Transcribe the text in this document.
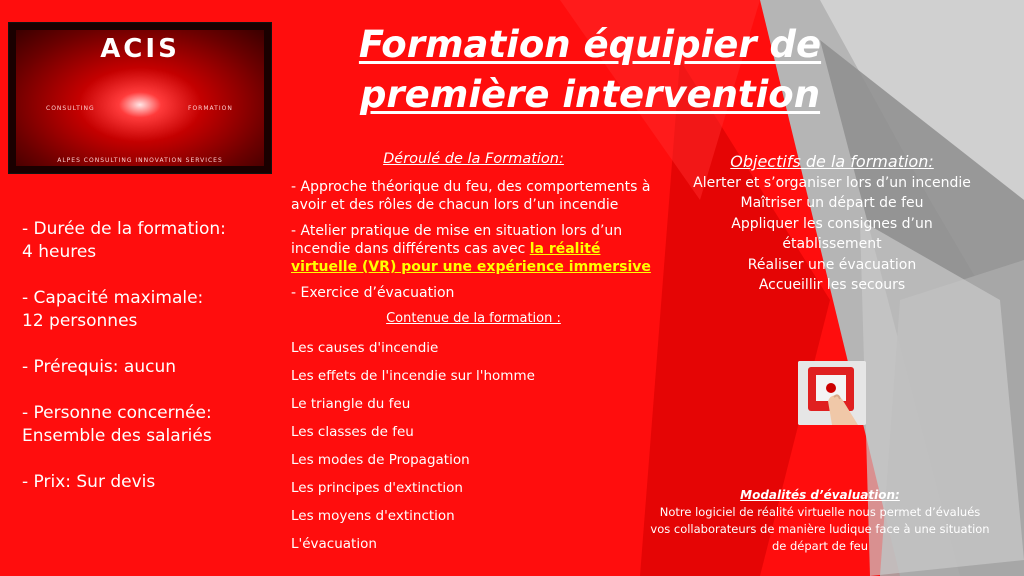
ACIS
CONSULTING	FORMATION
ALPES CONSULTING INNOVATION SERVICES
Formation équipier de
première intervention

- Durée de la formation:
4 heures

- Capacité maximale:
12 personnes

- Prérequis: aucun

- Personne concernée:
Ensemble des salariés

- Prix: Sur devis

Déroulé de la Formation:
- Approche théorique du feu, des comportements à avoir et des rôles de chacun lors d’un incendie
- Atelier pratique de mise en situation lors d’un incendie dans différents cas avec la réalité virtuelle (VR) pour une expérience immersive
- Exercice d’évacuation
Contenue de la formation :
Les causes d'incendie
Les effets de l'incendie sur l'homme
Le triangle du feu
Les classes de feu
Les modes de Propagation
Les principes d'extinction
Les moyens d'extinction
L'évacuation
Objectifs de la formation:
Alerter et s’organiser lors d’un incendie
Maîtriser un départ de feu
Appliquer les consignes d’un établissement
Réaliser une évacuation
Accueillir les secours
Modalités d’évaluation:
Notre logiciel de réalité virtuelle nous permet d’évalués vos collaborateurs de manière ludique face à une situation de départ de feu
